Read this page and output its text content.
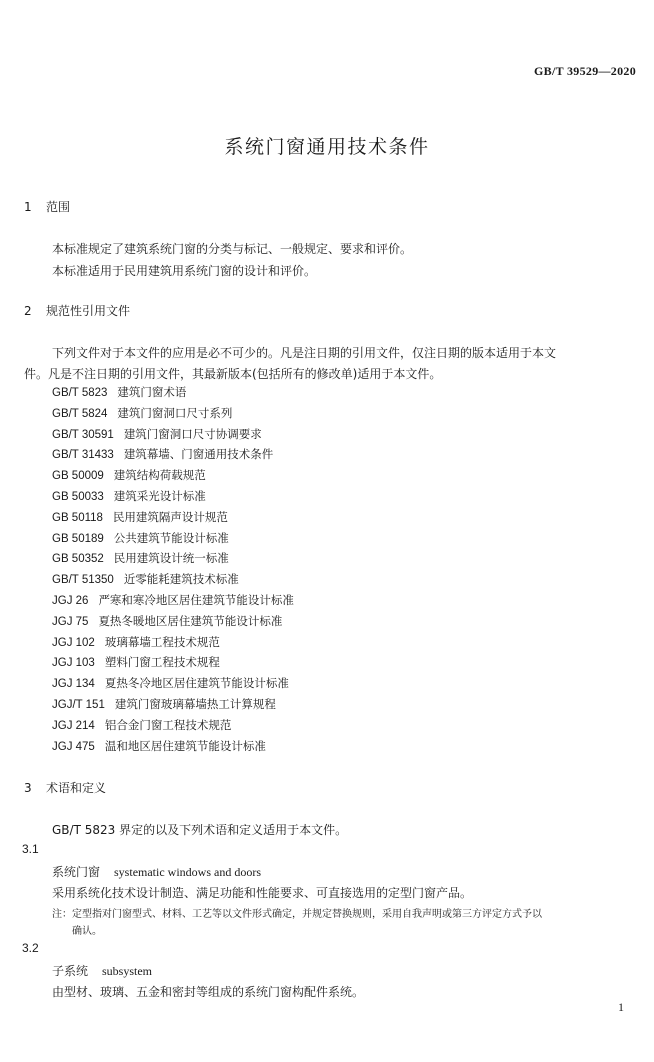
GB/T 39529—2020
系统门窗通用技术条件
1 范围
本标准规定了建筑系统门窗的分类与标记、一般规定、要求和评价。
本标准适用于民用建筑用系统门窗的设计和评价。
2 规范性引用文件
下列文件对于本文件的应用是必不可少的。凡是注日期的引用文件，仅注日期的版本适用于本文
件。凡是不注日期的引用文件，其最新版本(包括所有的修改单)适用于本文件。
GB/T 5823 建筑门窗术语
GB/T 5824 建筑门窗洞口尺寸系列
GB/T 30591 建筑门窗洞口尺寸协调要求
GB/T 31433 建筑幕墙、门窗通用技术条件
GB 50009 建筑结构荷载规范
GB 50033 建筑采光设计标准
GB 50118 民用建筑隔声设计规范
GB 50189 公共建筑节能设计标准
GB 50352 民用建筑设计统一标准
GB/T 51350 近零能耗建筑技术标准
JGJ 26 严寒和寒冷地区居住建筑节能设计标准
JGJ 75 夏热冬暖地区居住建筑节能设计标准
JGJ 102 玻璃幕墙工程技术规范
JGJ 103 塑料门窗工程技术规程
JGJ 134 夏热冬冷地区居住建筑节能设计标准
JGJ/T 151 建筑门窗玻璃幕墙热工计算规程
JGJ 214 铝合金门窗工程技术规范
JGJ 475 温和地区居住建筑节能设计标准
3 术语和定义
GB/T 5823 界定的以及下列术语和定义适用于本文件。
3.1
系统门窗 systematic windows and doors
采用系统化技术设计制造、满足功能和性能要求、可直接选用的定型门窗产品。
注：定型指对门窗型式、材料、工艺等以文件形式确定，并规定替换规则，采用自我声明或第三方评定方式予以
确认。
3.2
子系统 subsystem
由型材、玻璃、五金和密封等组成的系统门窗构配件系统。
1
